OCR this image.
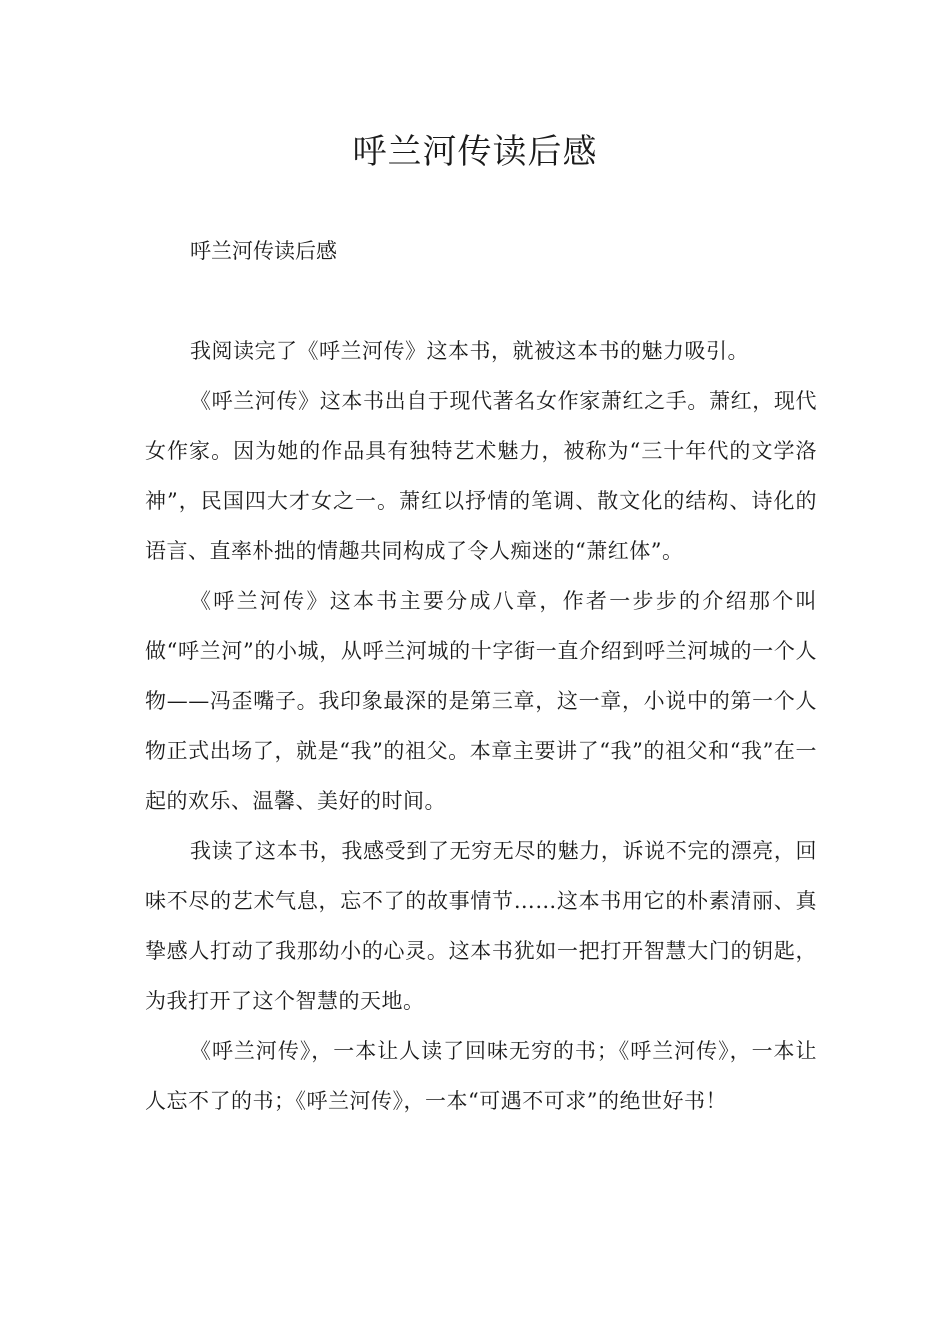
呼兰河传读后感
呼兰河传读后感

我阅读完了《呼兰河传》这本书，就被这本书的魅力吸引。

《呼兰河传》这本书出自于现代著名女作家萧红之手。萧红，现代女作家。因为她的作品具有独特艺术魅力，被称为“三十年代的文学洛神”，民国四大才女之一。萧红以抒情的笔调、散文化的结构、诗化的语言、直率朴拙的情趣共同构成了令人痴迷的“萧红体”。

《呼兰河传》这本书主要分成八章，作者一步步的介绍那个叫做“呼兰河”的小城，从呼兰河城的十字街一直介绍到呼兰河城的一个人物——冯歪嘴子。我印象最深的是第三章，这一章，小说中的第一个人物正式出场了，就是“我”的祖父。本章主要讲了“我”的祖父和“我”在一起的欢乐、温馨、美好的时间。

我读了这本书，我感受到了无穷无尽的魅力，诉说不完的漂亮，回味不尽的艺术气息，忘不了的故事情节……这本书用它的朴素清丽、真挚感人打动了我那幼小的心灵。这本书犹如一把打开智慧大门的钥匙，为我打开了这个智慧的天地。

《呼兰河传》，一本让人读了回味无穷的书；《呼兰河传》，一本让人忘不了的书；《呼兰河传》，一本“可遇不可求”的绝世好书！
